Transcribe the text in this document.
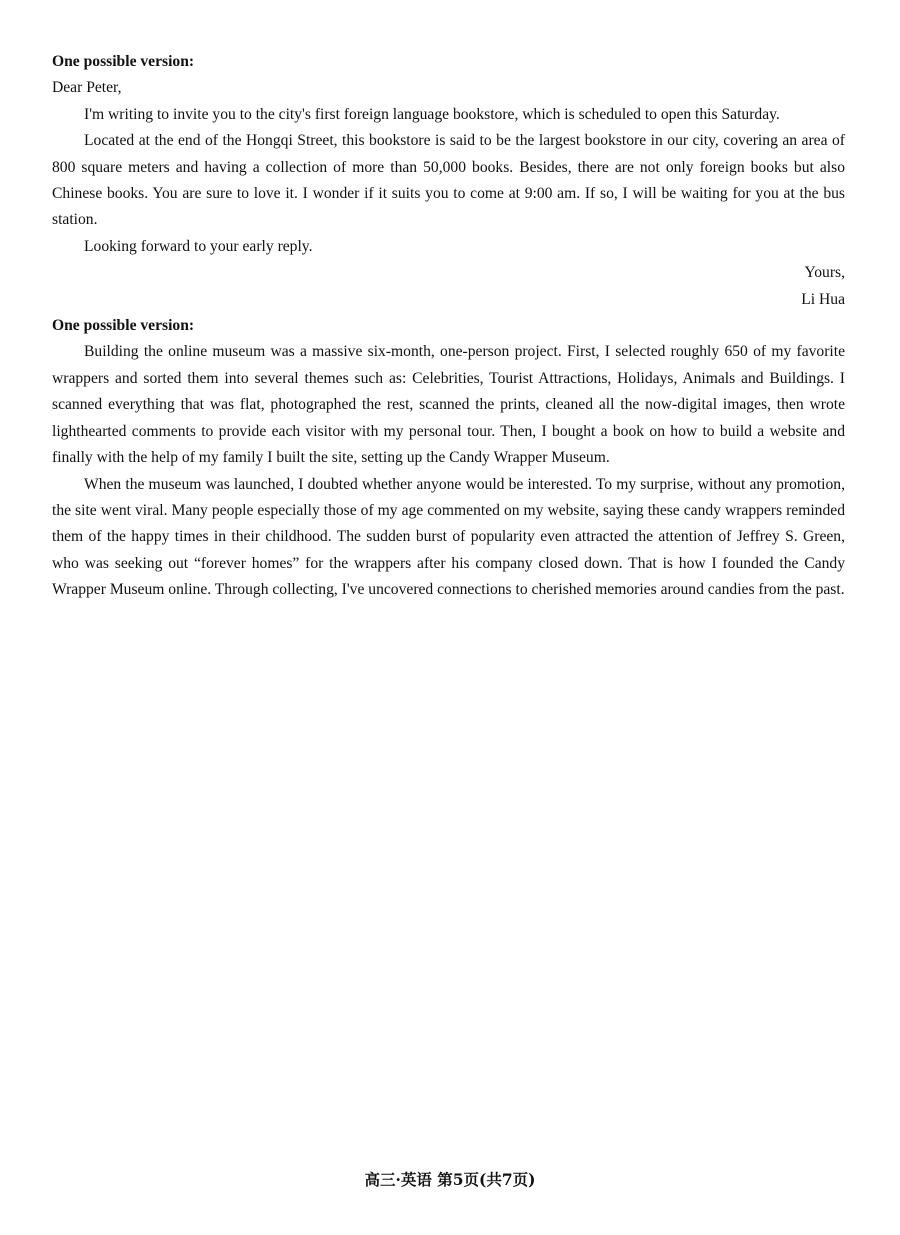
One possible version:

Dear Peter,

I'm writing to invite you to the city's first foreign language bookstore, which is scheduled to open this Saturday.

Located at the end of the Hongqi Street, this bookstore is said to be the largest bookstore in our city, covering an area of 800 square meters and having a collection of more than 50,000 books. Besides, there are not only foreign books but also Chinese books. You are sure to love it. I wonder if it suits you to come at 9:00 am. If so, I will be waiting for you at the bus station.

Looking forward to your early reply.

Yours,

Li Hua

One possible version:

Building the online museum was a massive six-month, one-person project. First, I selected roughly 650 of my favorite wrappers and sorted them into several themes such as: Celebrities, Tourist Attractions, Holidays, Animals and Buildings. I scanned everything that was flat, photographed the rest, scanned the prints, cleaned all the now-digital images, then wrote lighthearted comments to provide each visitor with my personal tour. Then, I bought a book on how to build a website and finally with the help of my family I built the site, setting up the Candy Wrapper Museum.

When the museum was launched, I doubted whether anyone would be interested. To my surprise, without any promotion, the site went viral. Many people especially those of my age commented on my website, saying these candy wrappers reminded them of the happy times in their childhood. The sudden burst of popularity even attracted the attention of Jeffrey S. Green, who was seeking out “forever homes” for the wrappers after his company closed down. That is how I founded the Candy Wrapper Museum online. Through collecting, I've uncovered connections to cherished memories around candies from the past.

高三·英语 第5页(共7页)
